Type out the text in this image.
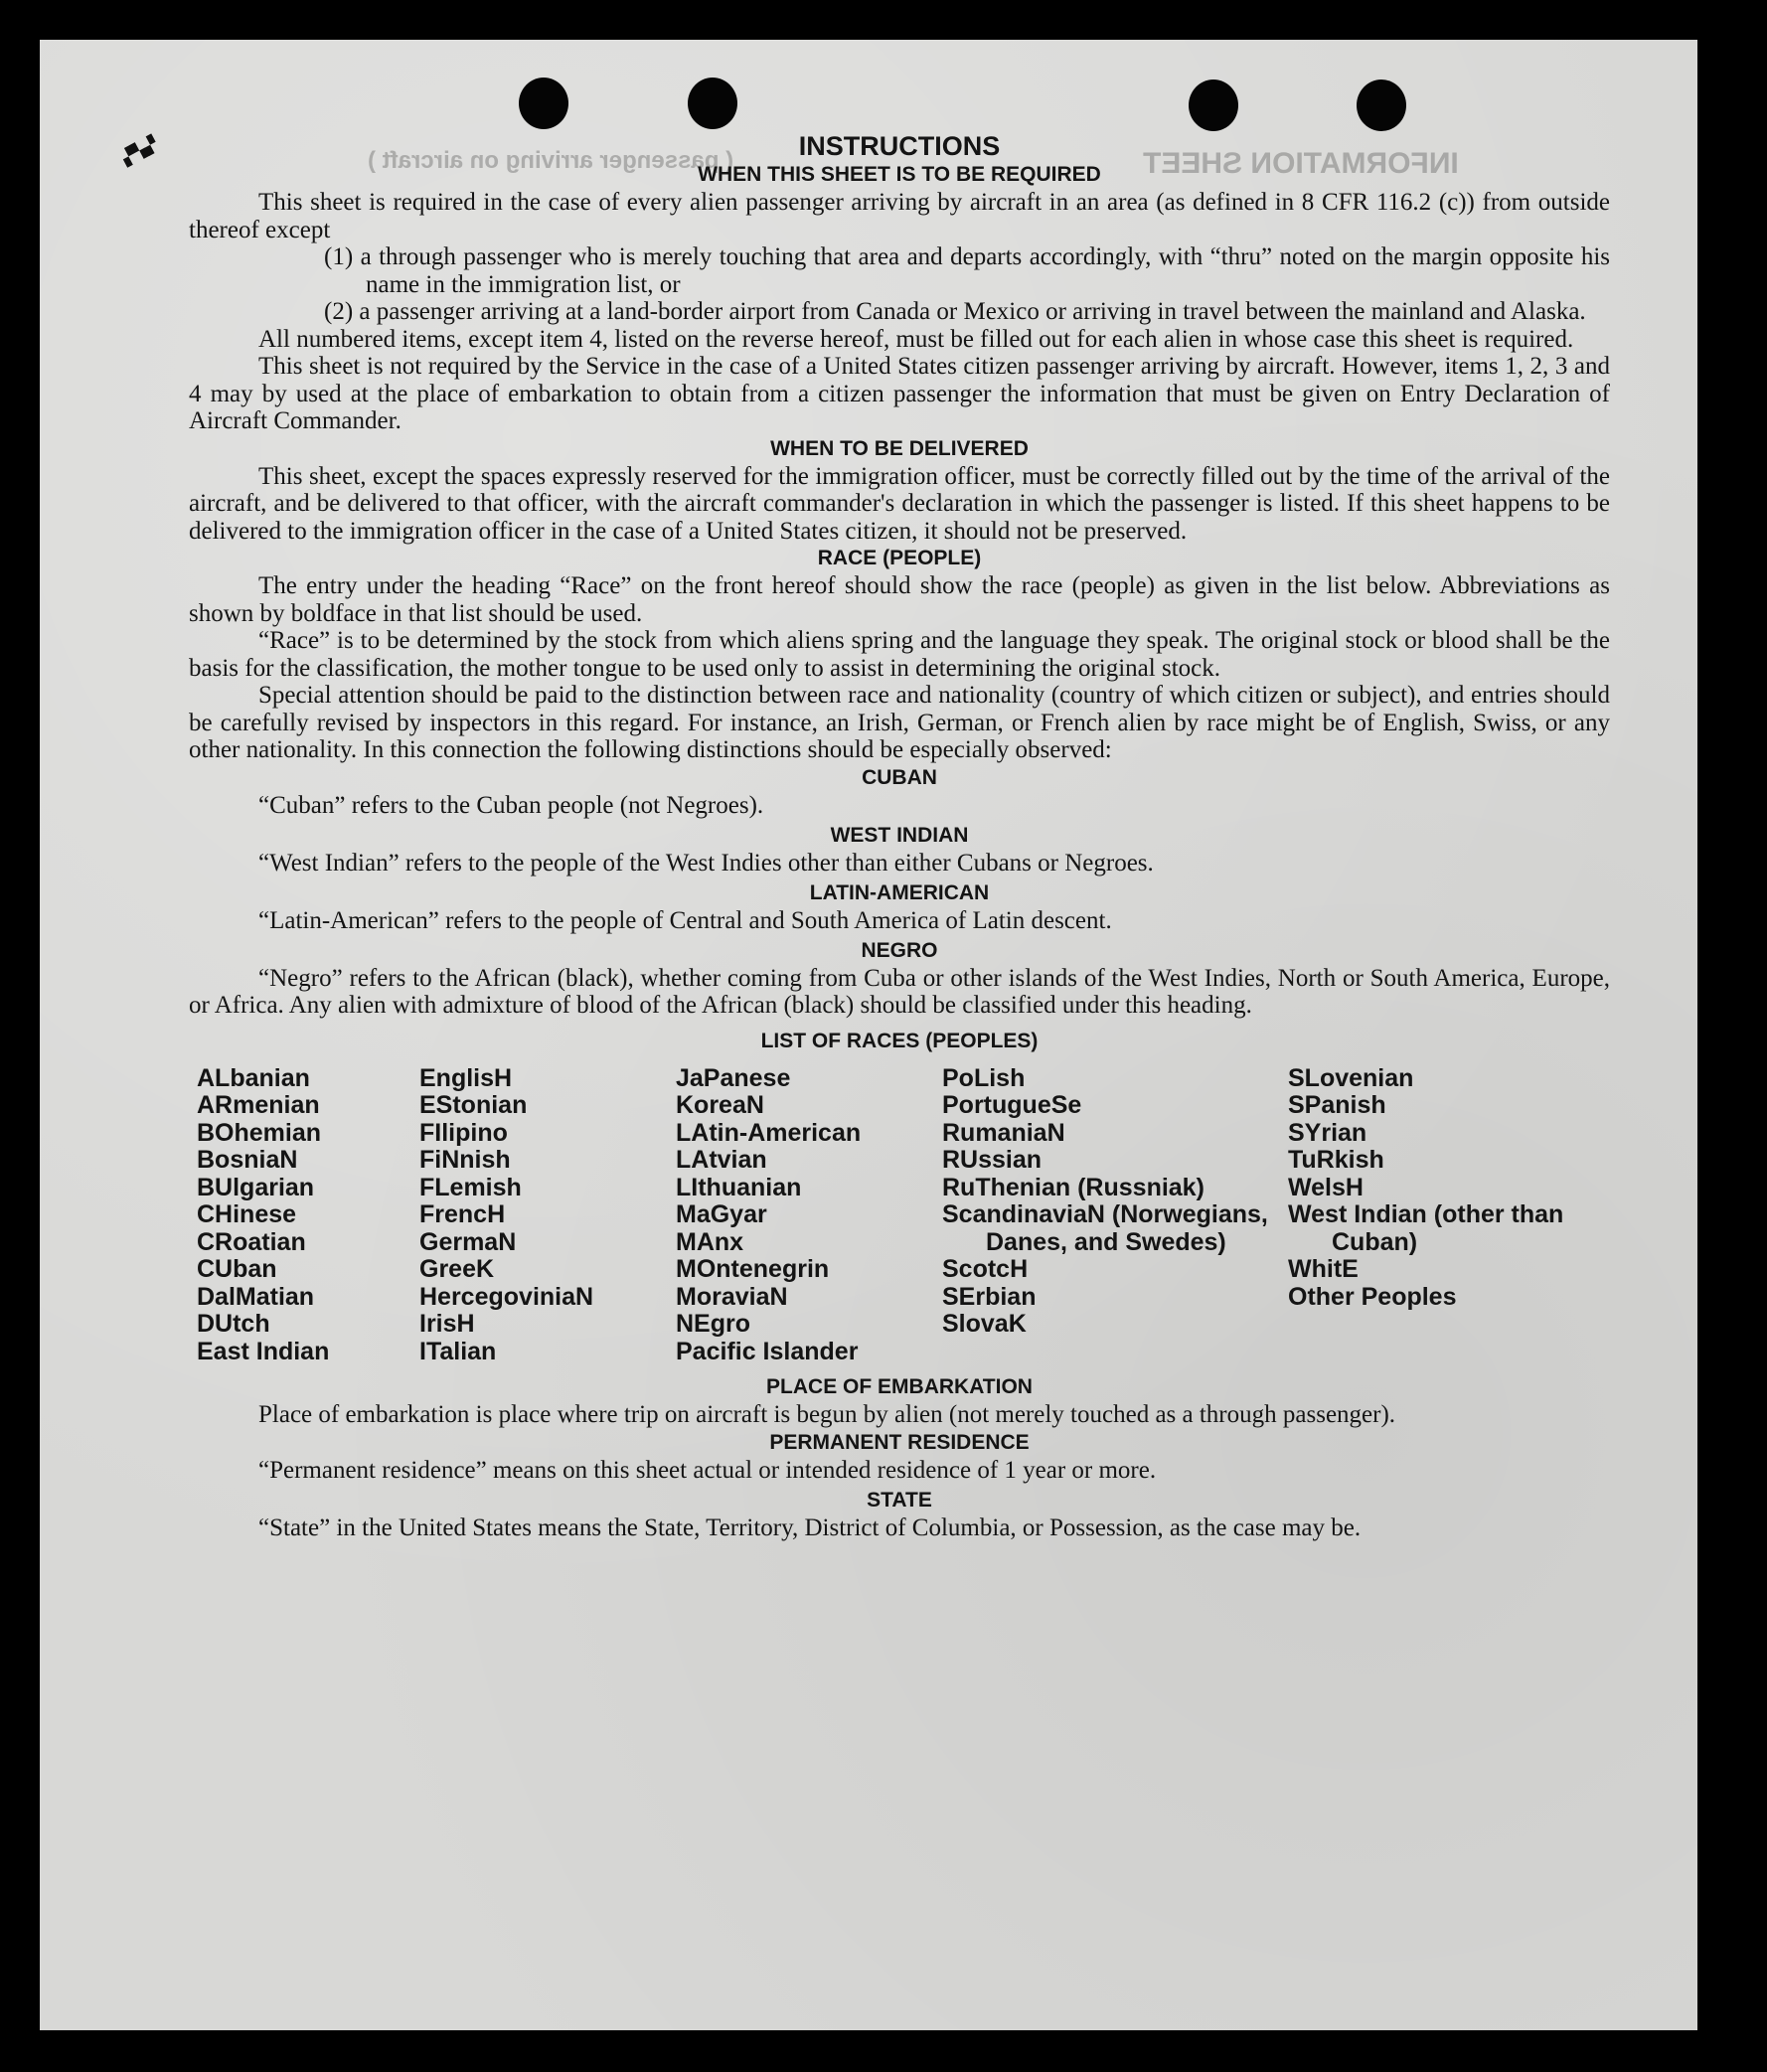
▞▚▞	INFORMATION SHEET
( passenger arriving on aircraft )	INSTRUCTIONS
WHEN THIS SHEET IS TO BE REQUIRED

This sheet is required in the case of every alien passenger arriving by aircraft in an area (as defined in 8 CFR 116.2 (c)) from outside thereof except

(1) a through passenger who is merely touching that area and departs accordingly, with “thru” noted on the margin opposite his name in the immigration list, or

(2) a passenger arriving at a land-border airport from Canada or Mexico or arriving in travel between the mainland and Alaska.

All numbered items, except item 4, listed on the reverse hereof, must be filled out for each alien in whose case this sheet is required.

This sheet is not required by the Service in the case of a United States citizen passenger arriving by aircraft. However, items 1, 2, 3 and 4 may by used at the place of embarkation to obtain from a citizen passenger the information that must be given on Entry Declaration of Aircraft Commander.

WHEN TO BE DELIVERED

This sheet, except the spaces expressly reserved for the immigration officer, must be correctly filled out by the time of the arrival of the aircraft, and be delivered to that officer, with the aircraft commander's declaration in which the passenger is listed. If this sheet happens to be delivered to the immigration officer in the case of a United States citizen, it should not be preserved.

RACE (PEOPLE)

The entry under the heading “Race” on the front hereof should show the race (people) as given in the list below. Abbreviations as shown by boldface in that list should be used.

“Race” is to be determined by the stock from which aliens spring and the language they speak. The original stock or blood shall be the basis for the classification, the mother tongue to be used only to assist in determining the original stock.

Special attention should be paid to the distinction between race and nationality (country of which citizen or subject), and entries should be carefully revised by inspectors in this regard. For instance, an Irish, German, or French alien by race might be of English, Swiss, or any other nationality. In this connection the following distinctions should be especially observed:

CUBAN

“Cuban” refers to the Cuban people (not Negroes).

WEST INDIAN

“West Indian” refers to the people of the West Indies other than either Cubans or Negroes.

LATIN-AMERICAN

“Latin-American” refers to the people of Central and South America of Latin descent.

NEGRO

“Negro” refers to the African (black), whether coming from Cuba or other islands of the West Indies, North or South America, Europe, or Africa. Any alien with admixture of blood of the African (black) should be classified under this heading.

LIST OF RACES (PEOPLES)
ALbanian
ARmenian
BOhemian
BosniaN
BUlgarian
CHinese
CRoatian
CUban
DalMatian
DUtch
East Indian
EnglisH
EStonian
FIlipino
FiNnish
FLemish
FrencH
GermaN
GreeK
HercegoviniaN
IrisH
ITalian
JaPanese
KoreaN
LAtin-American
LAtvian
LIthuanian
MaGyar
MAnx
MOntenegrin
MoraviaN
NEgro
Pacific Islander
PoLish
PortugueSe
RumaniaN
RUssian
RuThenian (Russniak)
ScandinaviaN (Norwegians, Danes, and Swedes)
ScotcH
SErbian
SlovaK
SLovenian
SPanish
SYrian
TuRkish
WelsH
West Indian (other than Cuban)
WhitE
Other Peoples
PLACE OF EMBARKATION

Place of embarkation is place where trip on aircraft is begun by alien (not merely touched as a through passenger).

PERMANENT RESIDENCE

“Permanent residence” means on this sheet actual or intended residence of 1 year or more.

STATE

“State” in the United States means the State, Territory, District of Columbia, or Possession, as the case may be.
